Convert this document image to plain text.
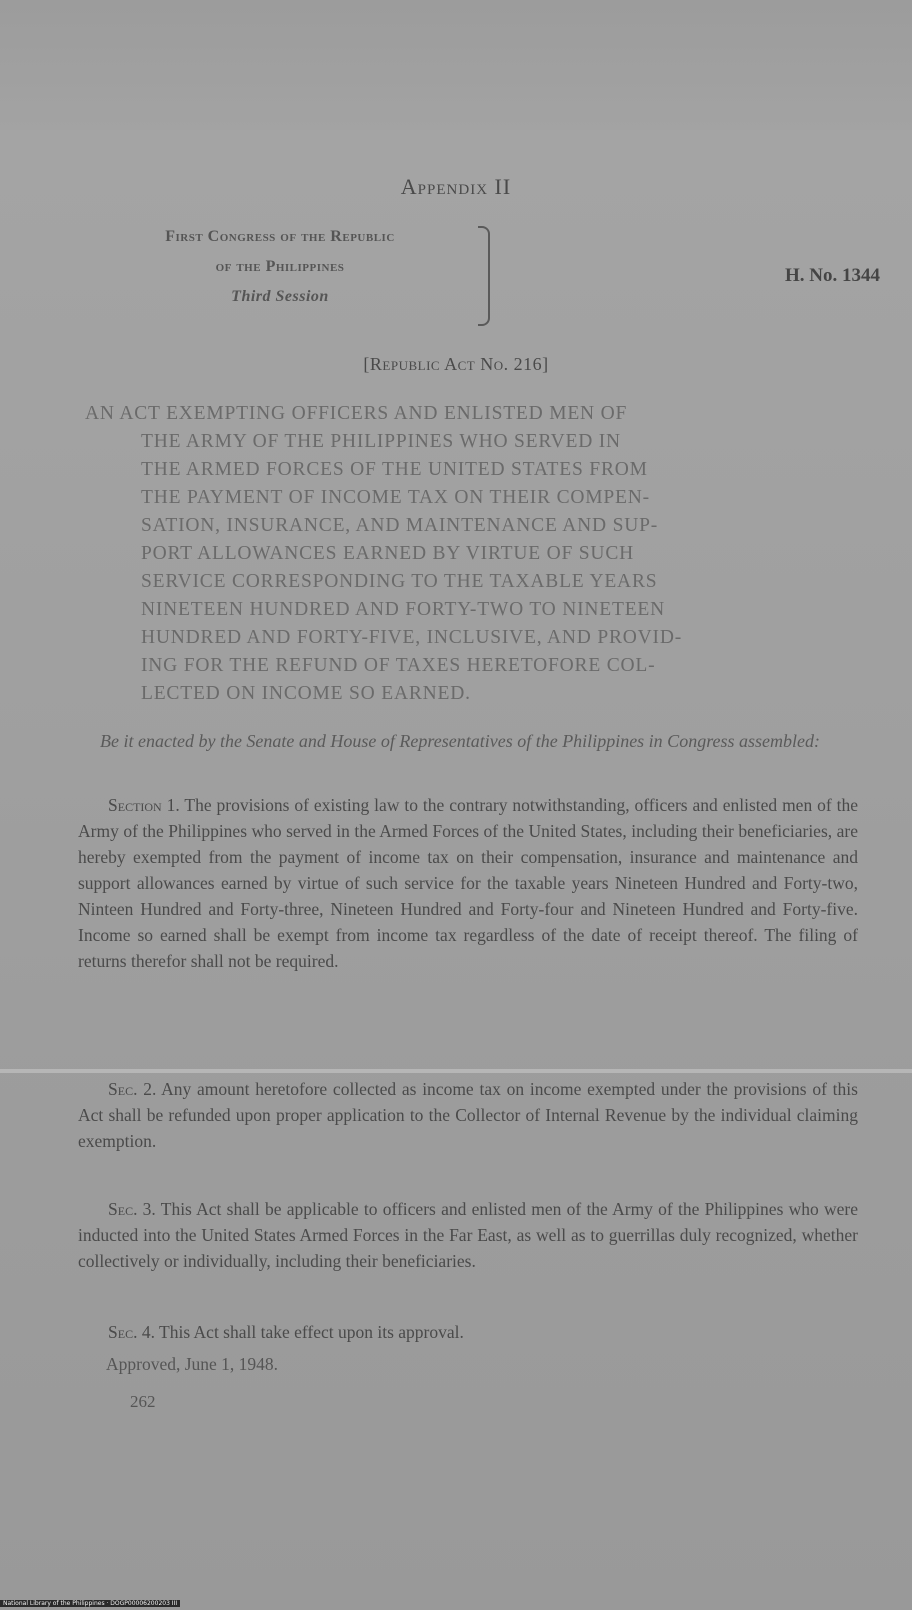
Appendix II
First Congress of the Republic
of the Philippines
Third Session
H. No. 1344
[Republic Act No. 216]
AN ACT EXEMPTING OFFICERS AND ENLISTED MEN OF
THE ARMY OF THE PHILIPPINES WHO SERVED IN
THE ARMED FORCES OF THE UNITED STATES FROM
THE PAYMENT OF INCOME TAX ON THEIR COMPEN-
SATION, INSURANCE, AND MAINTENANCE AND SUP-
PORT ALLOWANCES EARNED BY VIRTUE OF SUCH
SERVICE CORRESPONDING TO THE TAXABLE YEARS
NINETEEN HUNDRED AND FORTY-TWO TO NINETEEN
HUNDRED AND FORTY-FIVE, INCLUSIVE, AND PROVID-
ING FOR THE REFUND OF TAXES HERETOFORE COL-
LECTED ON INCOME SO EARNED.
Be it enacted by the Senate and House of Representatives of the Philippines in Congress assembled:
Section 1. The provisions of existing law to the contrary notwithstanding, officers and enlisted men of the Army of the Philippines who served in the Armed Forces of the United States, including their beneficiaries, are hereby exempted from the payment of income tax on their compensation, insurance and maintenance and support allowances earned by virtue of such service for the taxable years Nineteen Hundred and Forty-two, Ninteen Hundred and Forty-three, Nineteen Hundred and Forty-four and Nineteen Hundred and Forty-five. Income so earned shall be exempt from income tax regardless of the date of receipt thereof. The filing of returns therefor shall not be required.
Sec. 2. Any amount heretofore collected as income tax on income exempted under the provisions of this Act shall be refunded upon proper application to the Collector of Internal Revenue by the individual claiming exemption.
Sec. 3. This Act shall be applicable to officers and enlisted men of the Army of the Philippines who were inducted into the United States Armed Forces in the Far East, as well as to guerrillas duly recognized, whether collectively or individually, including their beneficiaries.
Sec. 4. This Act shall take effect upon its approval.
Approved, June 1, 1948.
262
National Library of the Philippines · DOGP00006200203 III
